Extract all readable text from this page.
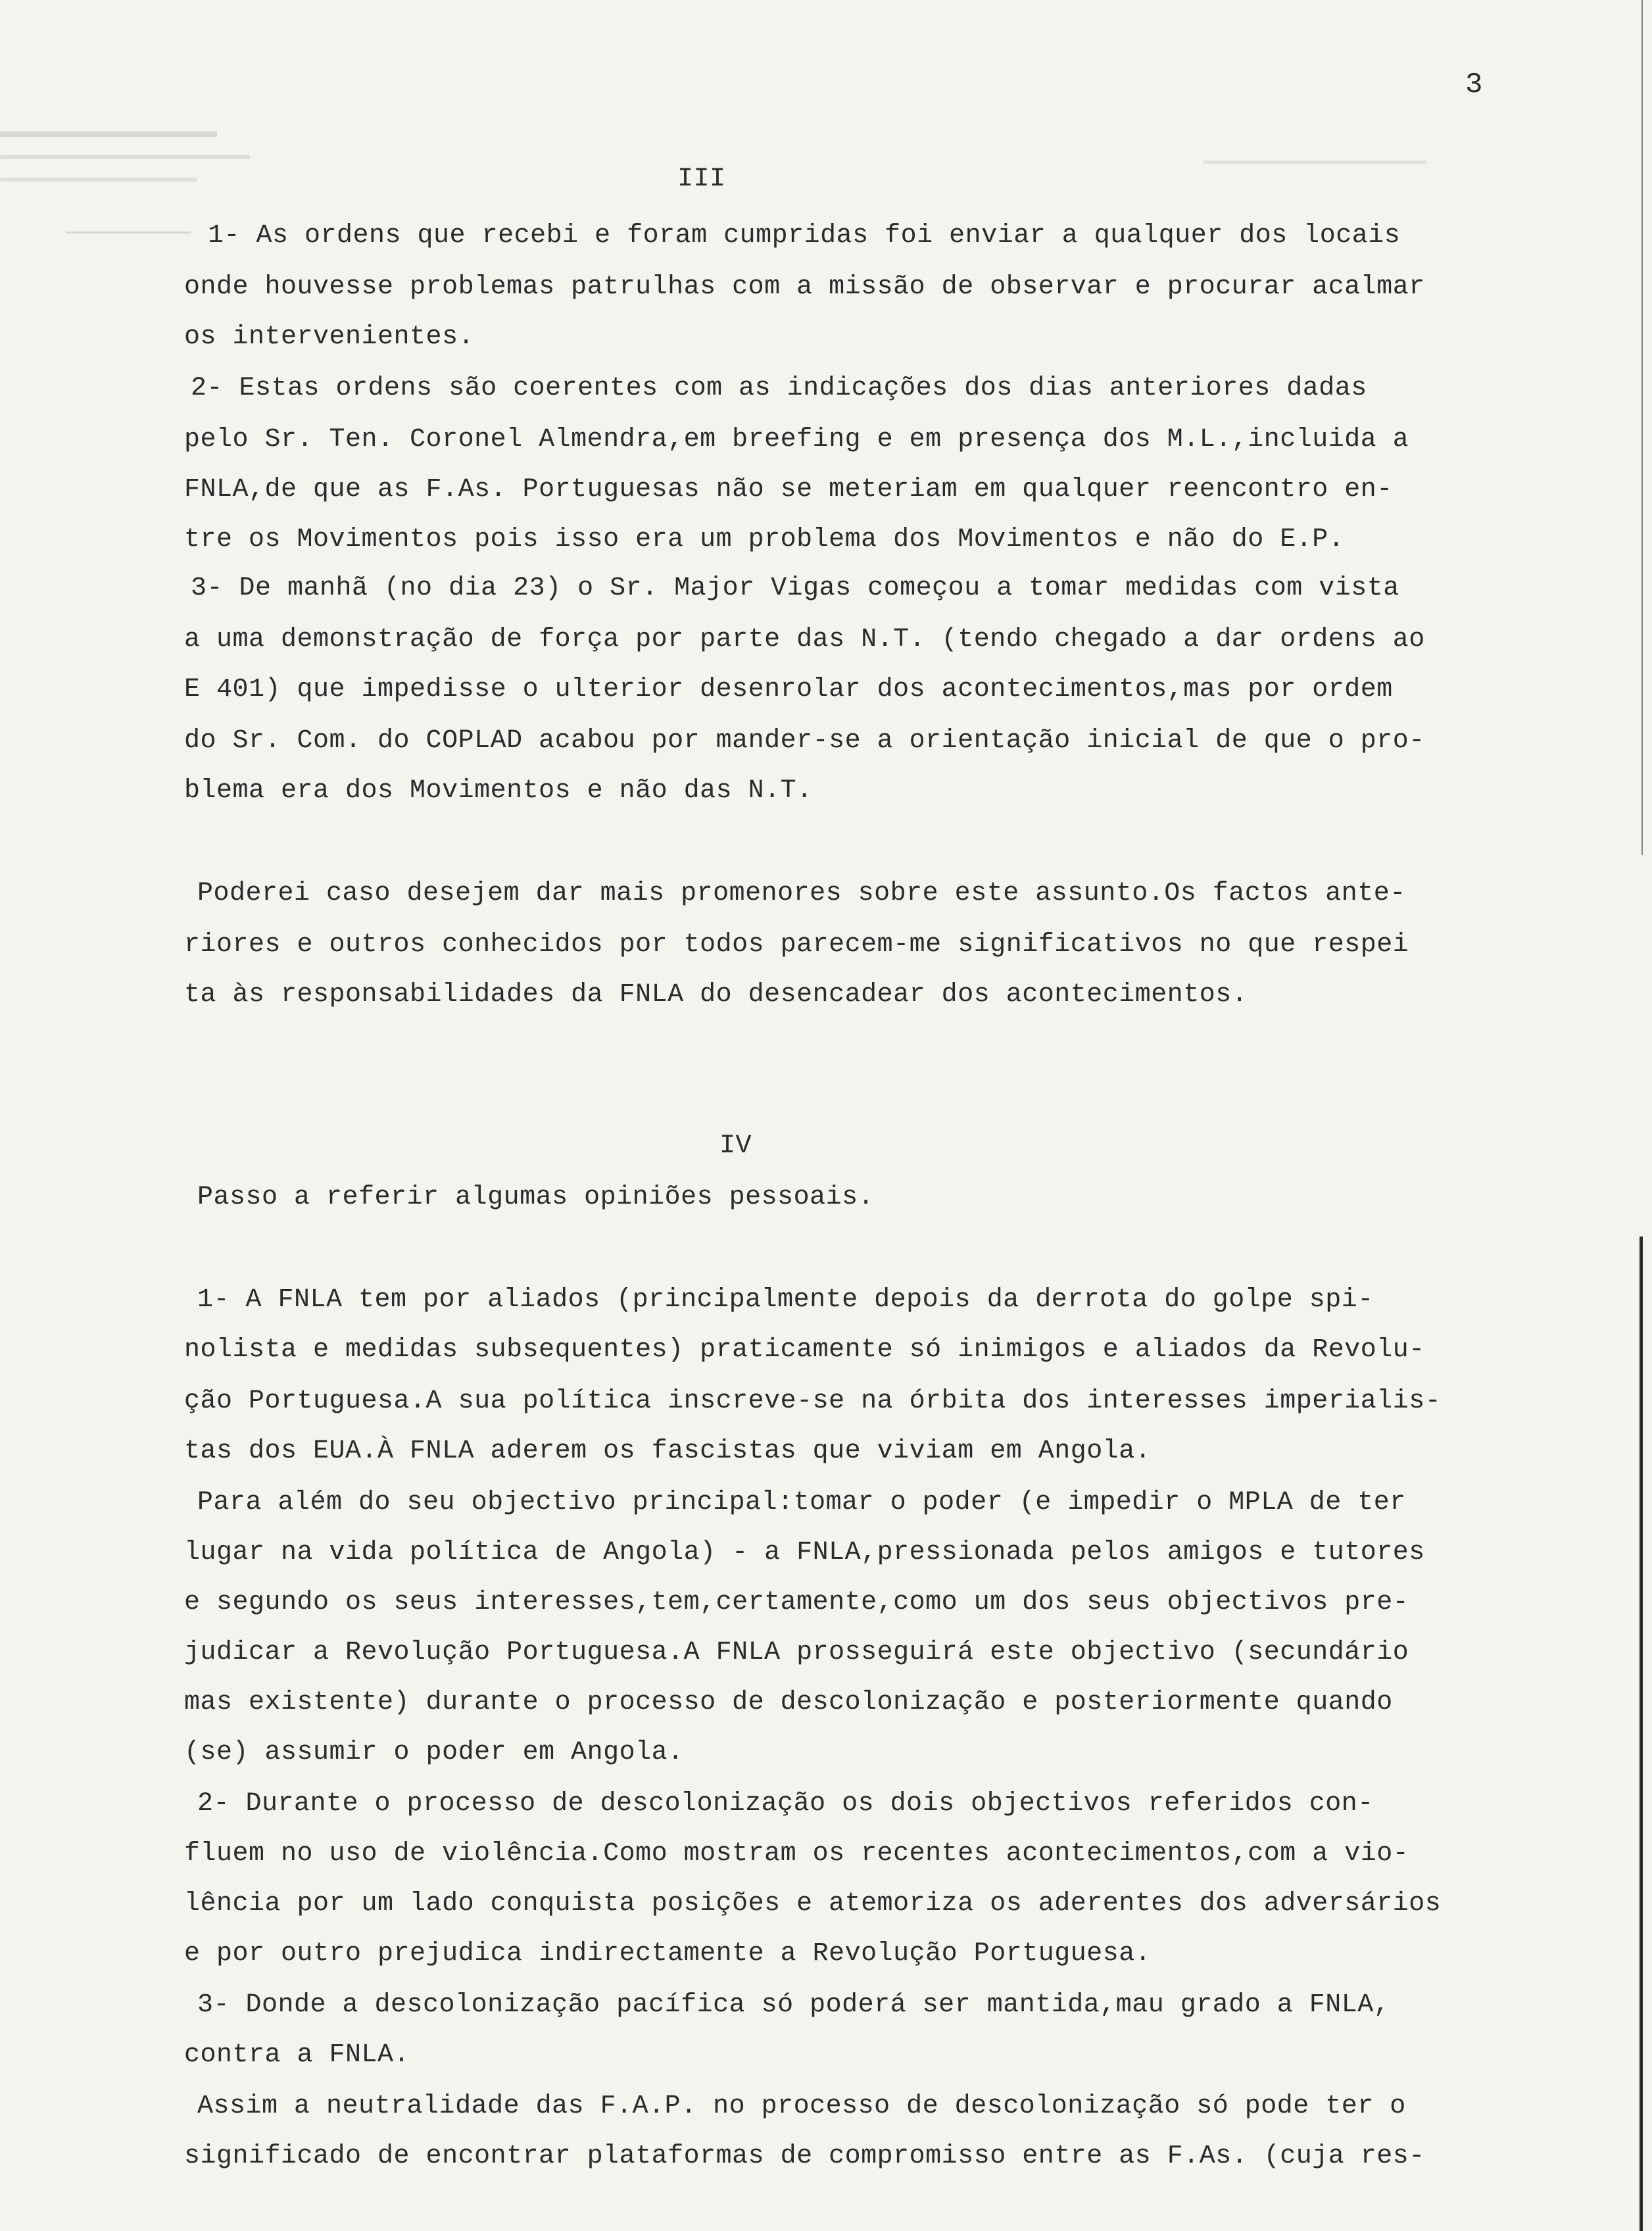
3
III
1- As ordens que recebi e foram cumpridas foi enviar a qualquer dos locais
onde houvesse problemas patrulhas com a missão de observar e procurar acalmar
os intervenientes.
2- Estas ordens são coerentes com as indicações dos dias anteriores dadas
pelo Sr. Ten. Coronel Almendra,em breefing e em presença dos M.L.,incluida a
FNLA,de que as F.As. Portuguesas não se meteriam em qualquer reencontro en-
tre os Movimentos pois isso era um problema dos Movimentos e não do E.P.
3- De manhã (no dia 23) o Sr. Major Vigas começou a tomar medidas com vista
a uma demonstração de força por parte das N.T. (tendo chegado a dar ordens ao
E 401) que impedisse o ulterior desenrolar dos acontecimentos,mas por ordem
do Sr. Com. do COPLAD acabou por mander-se a orientação inicial de que o pro-
blema era dos Movimentos e não das N.T.
Poderei caso desejem dar mais promenores sobre este assunto.Os factos ante-
riores e outros conhecidos por todos parecem-me significativos no que respei
ta às responsabilidades da FNLA do desencadear dos acontecimentos.
IV
Passo a referir algumas opiniões pessoais.
1- A FNLA tem por aliados (principalmente depois da derrota do golpe spi-
nolista e medidas subsequentes) praticamente só inimigos e aliados da Revolu-
ção Portuguesa.A sua política inscreve-se na órbita dos interesses imperialis-
tas dos EUA.À FNLA aderem os fascistas que viviam em Angola.
Para além do seu objectivo principal:tomar o poder (e impedir o MPLA de ter
lugar na vida política de Angola) - a FNLA,pressionada pelos amigos e tutores
e segundo os seus interesses,tem,certamente,como um dos seus objectivos pre-
judicar a Revolução Portuguesa.A FNLA prosseguirá este objectivo (secundário
mas existente) durante o processo de descolonização e posteriormente quando
(se) assumir o poder em Angola.
2- Durante o processo de descolonização os dois objectivos referidos con-
fluem no uso de violência.Como mostram os recentes acontecimentos,com a vio-
lência por um lado conquista posições e atemoriza os aderentes dos adversários
e por outro prejudica indirectamente a Revolução Portuguesa.
3- Donde a descolonização pacífica só poderá ser mantida,mau grado a FNLA,
contra a FNLA.
Assim a neutralidade das F.A.P. no processo de descolonização só pode ter o
significado de encontrar plataformas de compromisso entre as F.As. (cuja res-
